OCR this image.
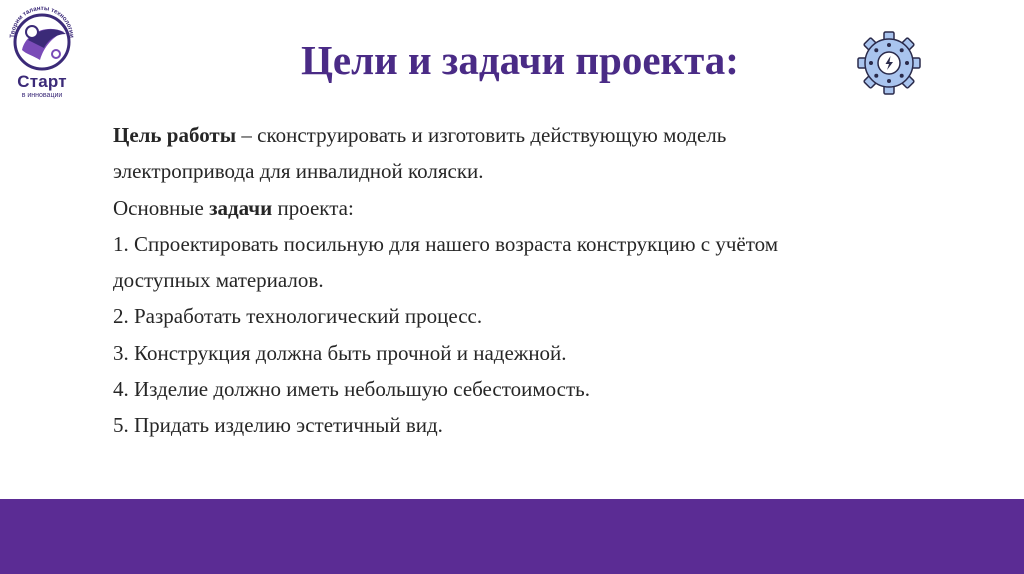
Творим таланты технологии
Старт
в инновации
Цели и задачи проекта:
Цель работы – сконструировать и изготовить действующую модель
электропривода для инвалидной коляски.
Основные задачи проекта:
1. Спроектировать посильную для нашего возраста конструкцию с учётом
доступных материалов.
2. Разработать технологический процесс.
3. Конструкция должна быть прочной и надежной.
4. Изделие должно иметь небольшую себестоимость.
5. Придать изделию эстетичный вид.
